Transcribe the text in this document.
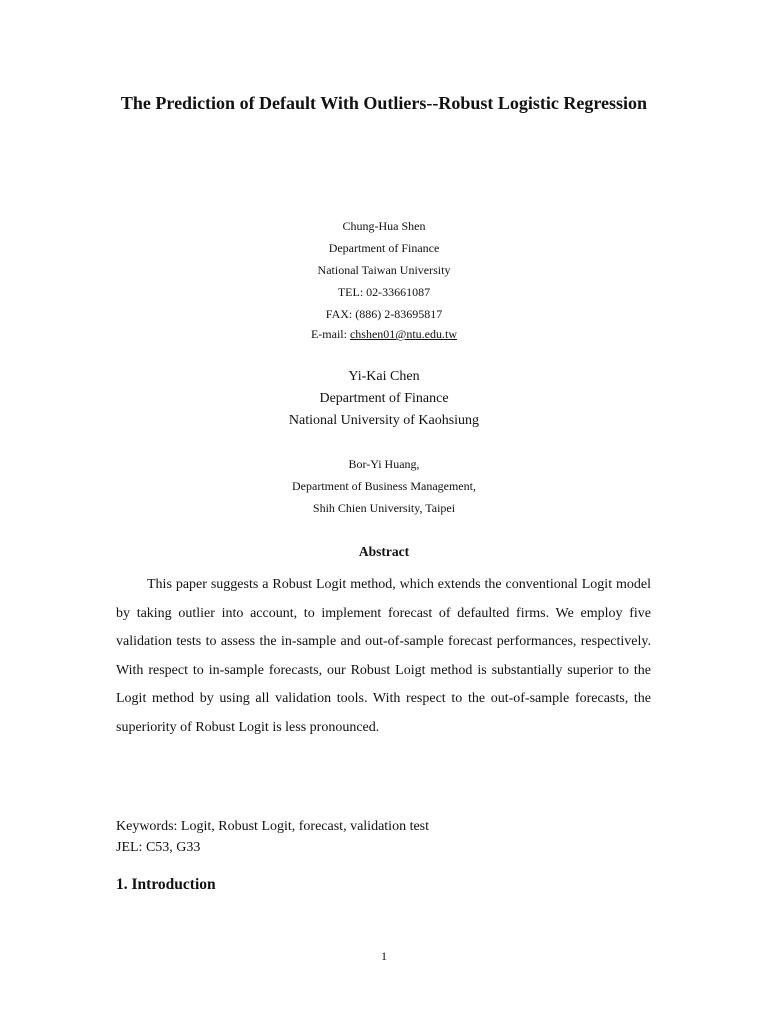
The Prediction of Default With Outliers--Robust Logistic Regression
Chung-Hua Shen
Department of Finance
National Taiwan University
TEL: 02-33661087
FAX: (886) 2-83695817
E-mail: chshen01@ntu.edu.tw
Yi-Kai Chen
Department of Finance
National University of Kaohsiung
Bor-Yi Huang,
Department of Business Management,
Shih Chien University, Taipei
Abstract

This paper suggests a Robust Logit method, which extends the conventional Logit model by taking outlier into account, to implement forecast of defaulted firms. We employ five validation tests to assess the in-sample and out-of-sample forecast performances, respectively. With respect to in-sample forecasts, our Robust Loigt method is substantially superior to the Logit method by using all validation tools. With respect to the out-of-sample forecasts, the superiority of Robust Logit is less pronounced.

Keywords: Logit, Robust Logit, forecast, validation test
JEL: C53, G33
1. Introduction
1
